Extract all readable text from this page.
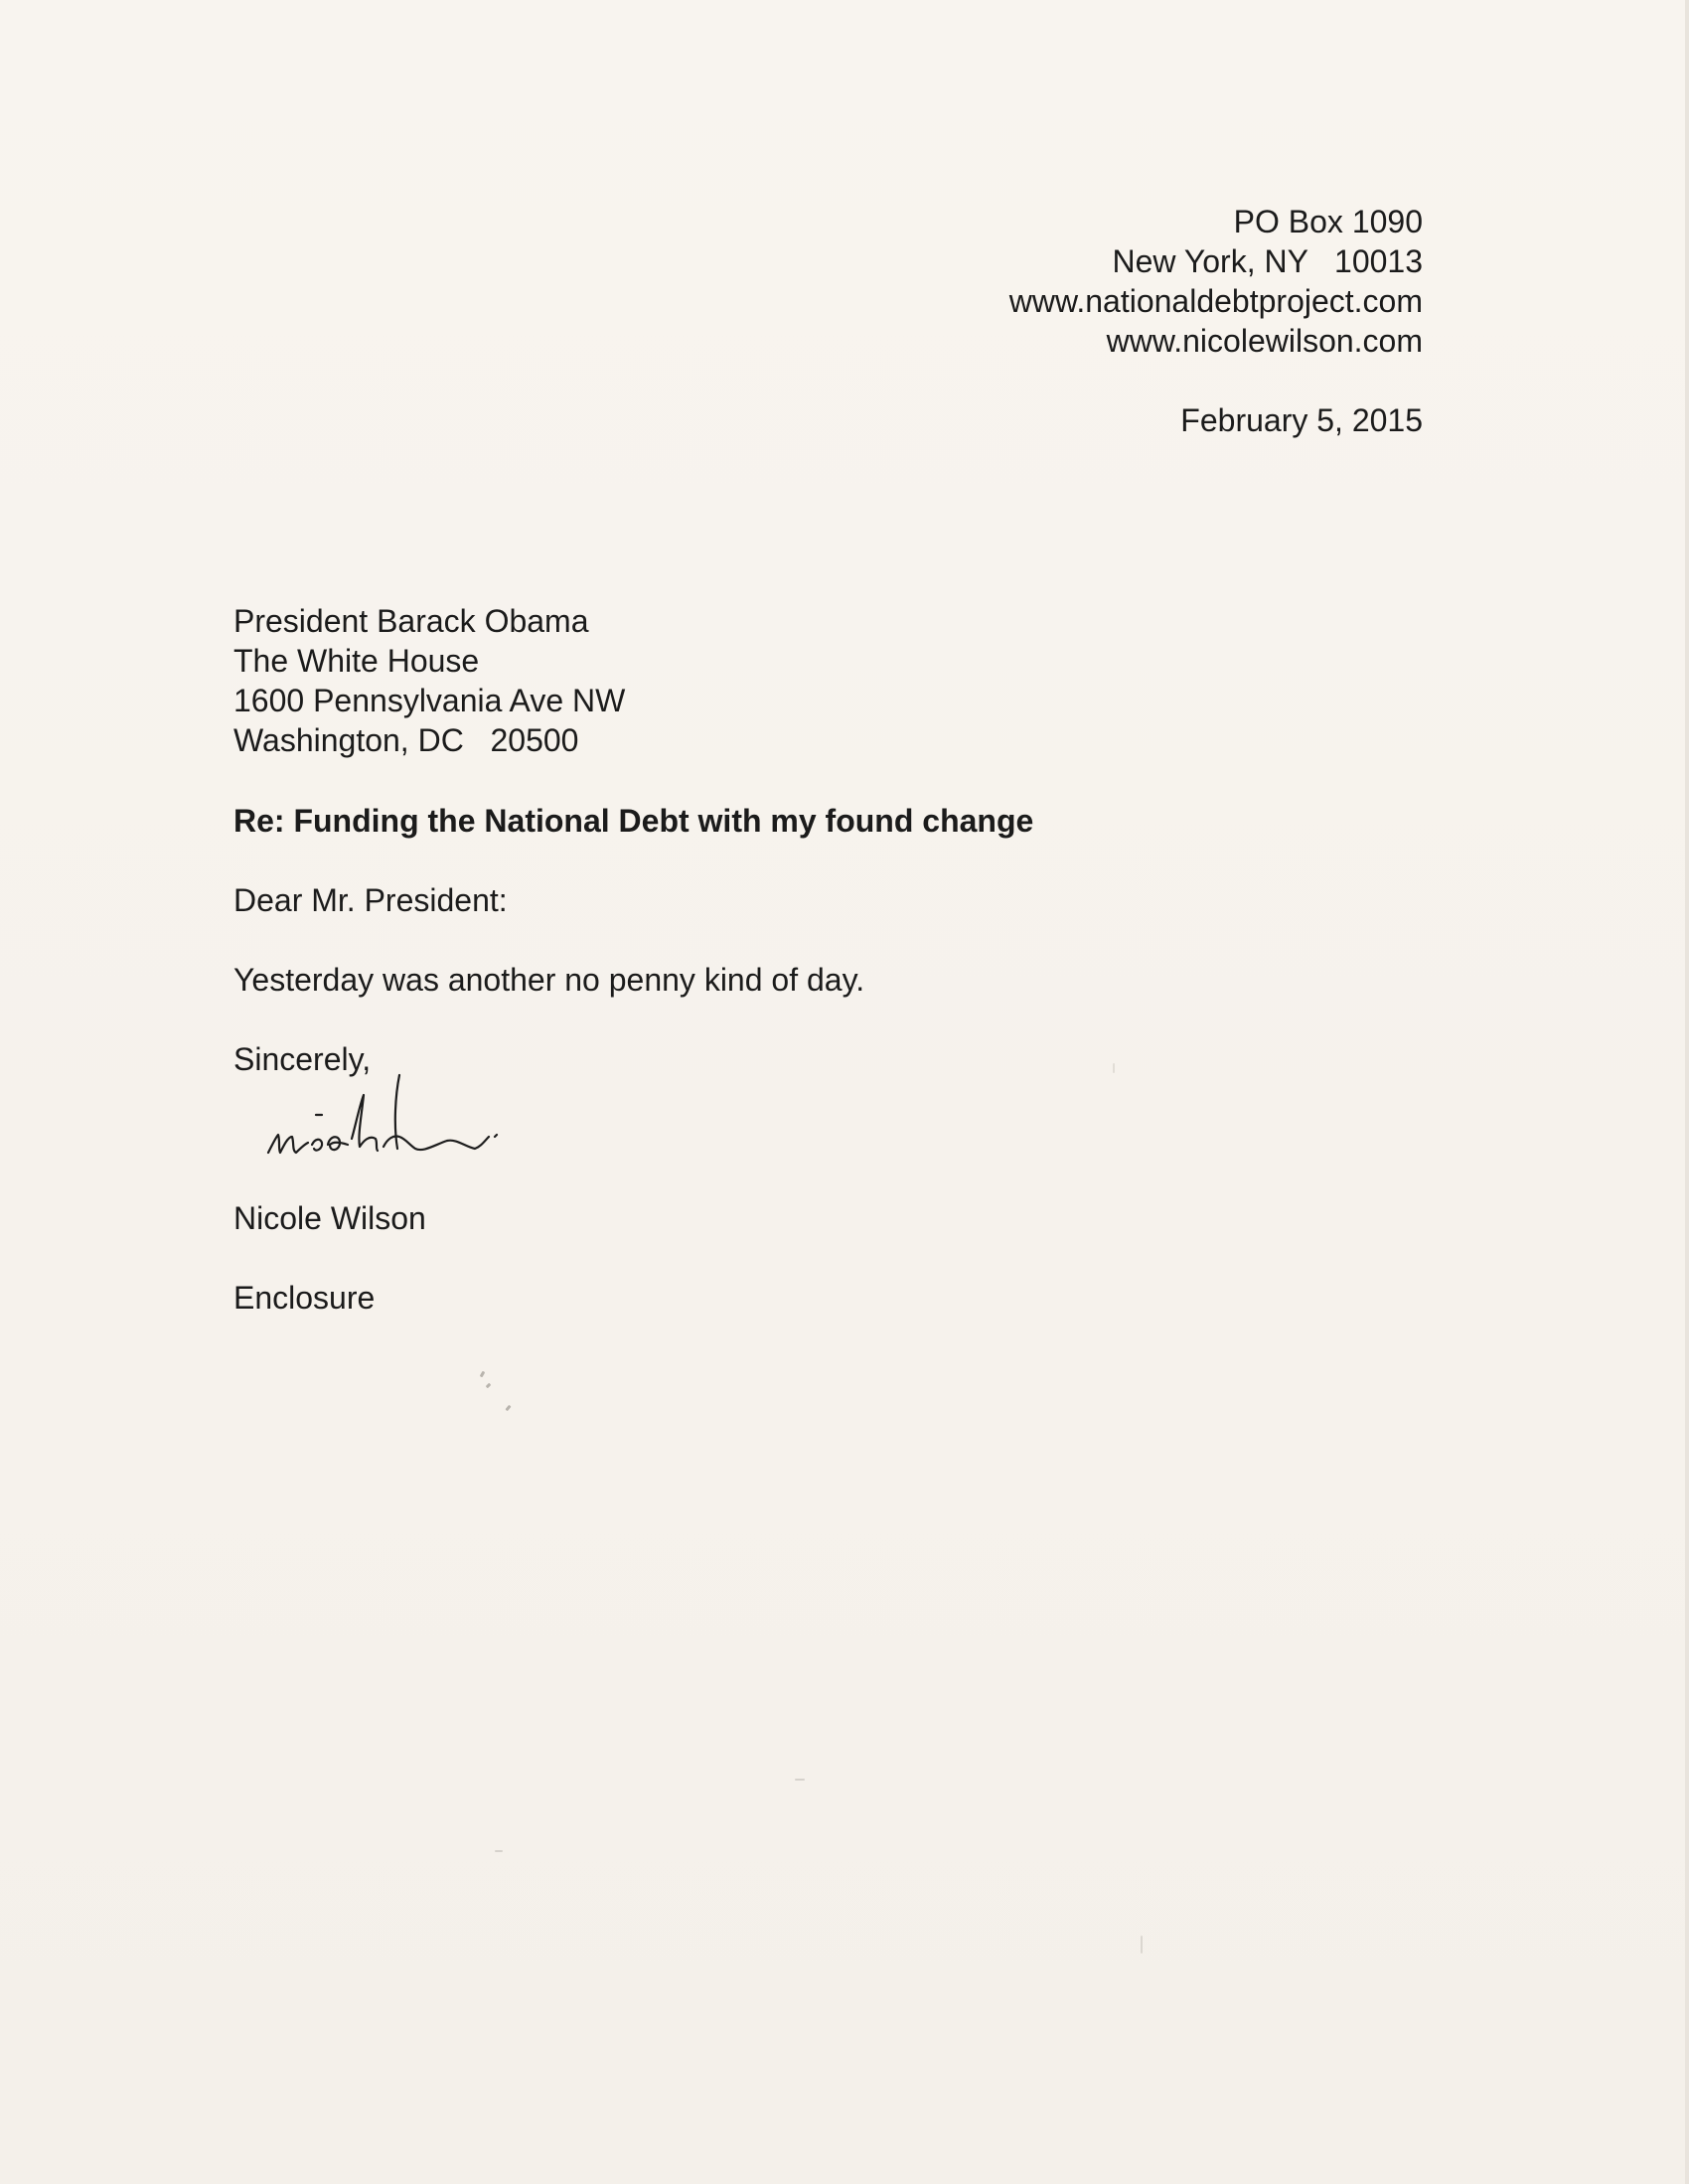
PO Box 1090
New York, NY   10013
www.nationaldebtproject.com
www.nicolewilson.com
February 5, 2015
President Barack Obama
The White House
1600 Pennsylvania Ave NW
Washington, DC   20500
Re: Funding the National Debt with my found change
Dear Mr. President:
Yesterday was another no penny kind of day.
Sincerely,
Nicole Wilson
Enclosure
